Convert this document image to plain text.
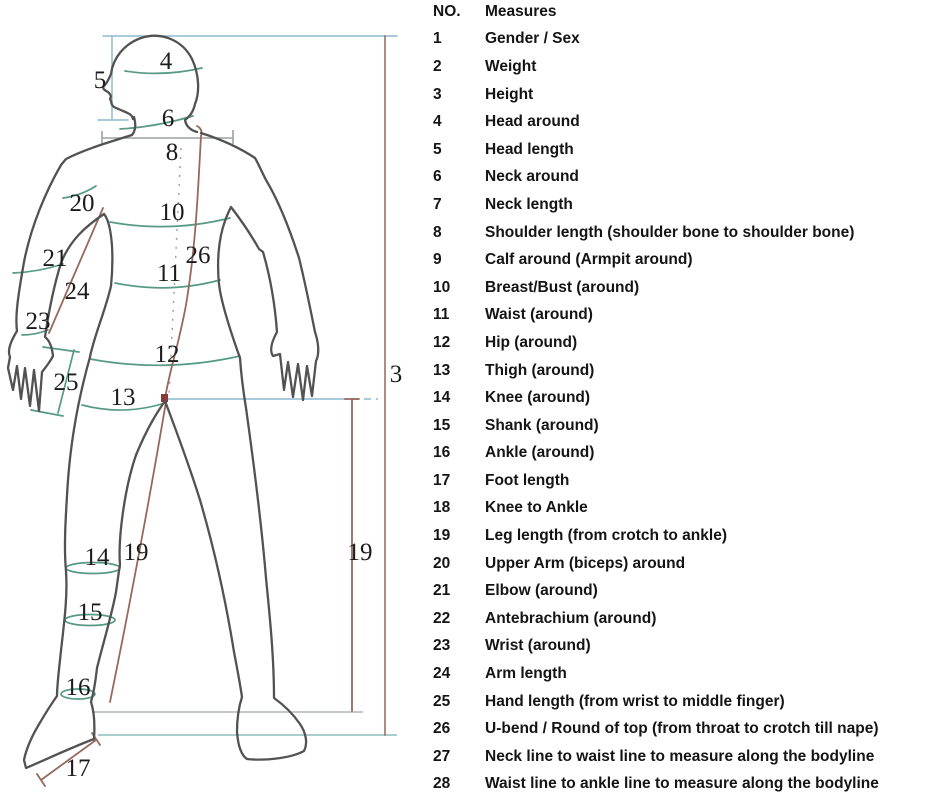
5
4
6
8
20	10
26
21
11
24
23
12
25
13
14 19
15
16
17
3
19
NO.	Measures
1	Gender / Sex
2	Weight
3	Height
4	Head around
5	Head length
6	Neck around
7	Neck length
8	Shoulder length (shoulder bone to shoulder bone)
9	Calf around (Armpit around)
10	Breast/Bust (around)
11	Waist (around)
12	Hip (around)
13	Thigh (around)
14	Knee (around)
15	Shank (around)
16	Ankle (around)
17	Foot length
18	Knee to Ankle
19	Leg length (from crotch to ankle)
20	Upper Arm (biceps) around
21	Elbow (around)
22	Antebrachium (around)
23	Wrist (around)
24	Arm length
25	Hand length (from wrist to middle finger)
26	U-bend / Round of top (from throat to crotch till nape)
27	Neck line to waist line to measure along the bodyline
28	Waist line to ankle line to measure along the bodyline
